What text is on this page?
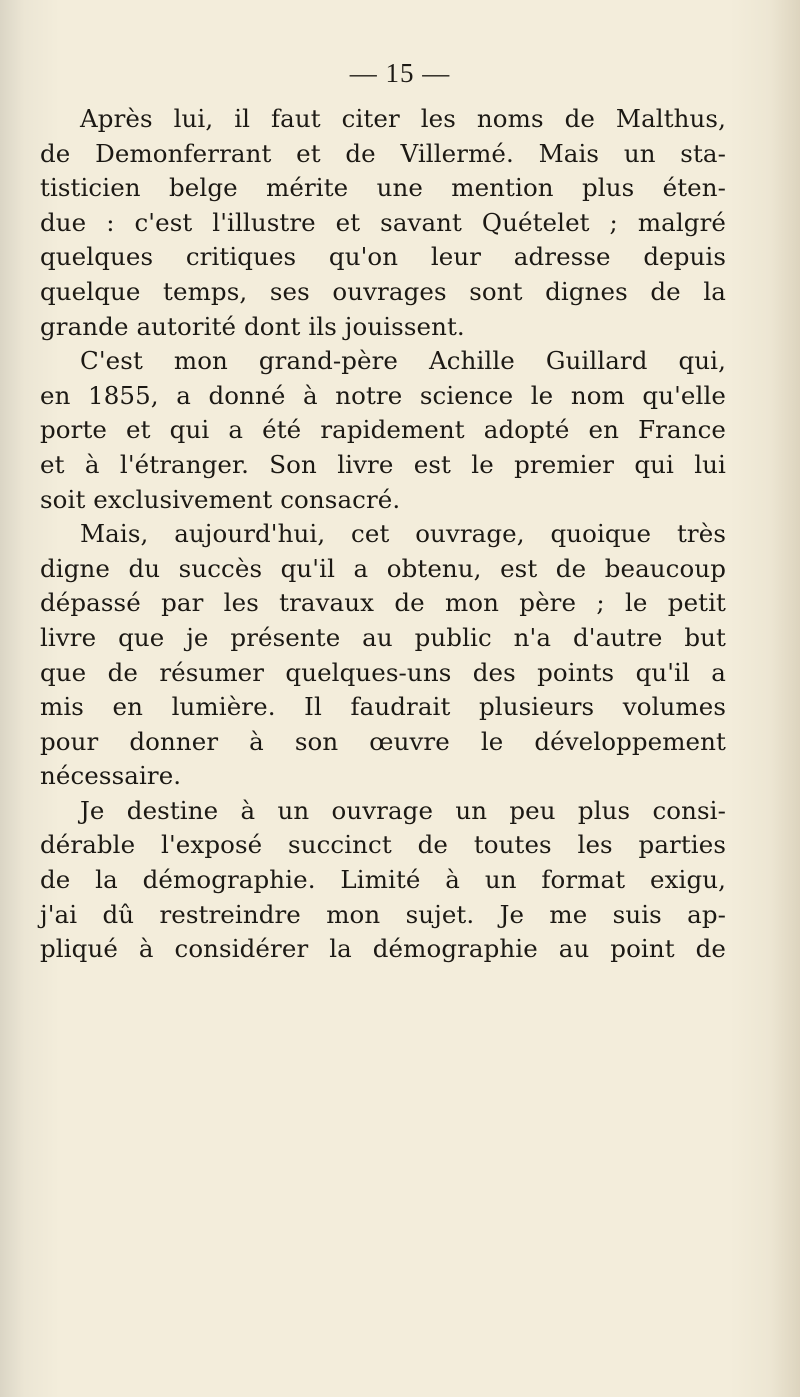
— 15 —
Après lui, il faut citer les noms de Malthus,
de Demonferrant et de Villermé. Mais un sta-
tisticien belge mérite une mention plus éten-
due : c'est l'illustre et savant Quételet ; malgré
quelques critiques qu'on leur adresse depuis
quelque temps, ses ouvrages sont dignes de la
grande autorité dont ils jouissent.
C'est mon grand-père Achille Guillard qui,
en 1855, a donné à notre science le nom qu'elle
porte et qui a été rapidement adopté en France
et à l'étranger. Son livre est le premier qui lui
soit exclusivement consacré.
Mais, aujourd'hui, cet ouvrage, quoique très
digne du succès qu'il a obtenu, est de beaucoup
dépassé par les travaux de mon père ; le petit
livre que je présente au public n'a d'autre but
que de résumer quelques-uns des points qu'il a
mis en lumière. Il faudrait plusieurs volumes
pour donner à son œuvre le développement
nécessaire.
Je destine à un ouvrage un peu plus consi-
dérable l'exposé succinct de toutes les parties
de la démographie. Limité à un format exigu,
j'ai dû restreindre mon sujet. Je me suis ap-
pliqué à considérer la démographie au point de
